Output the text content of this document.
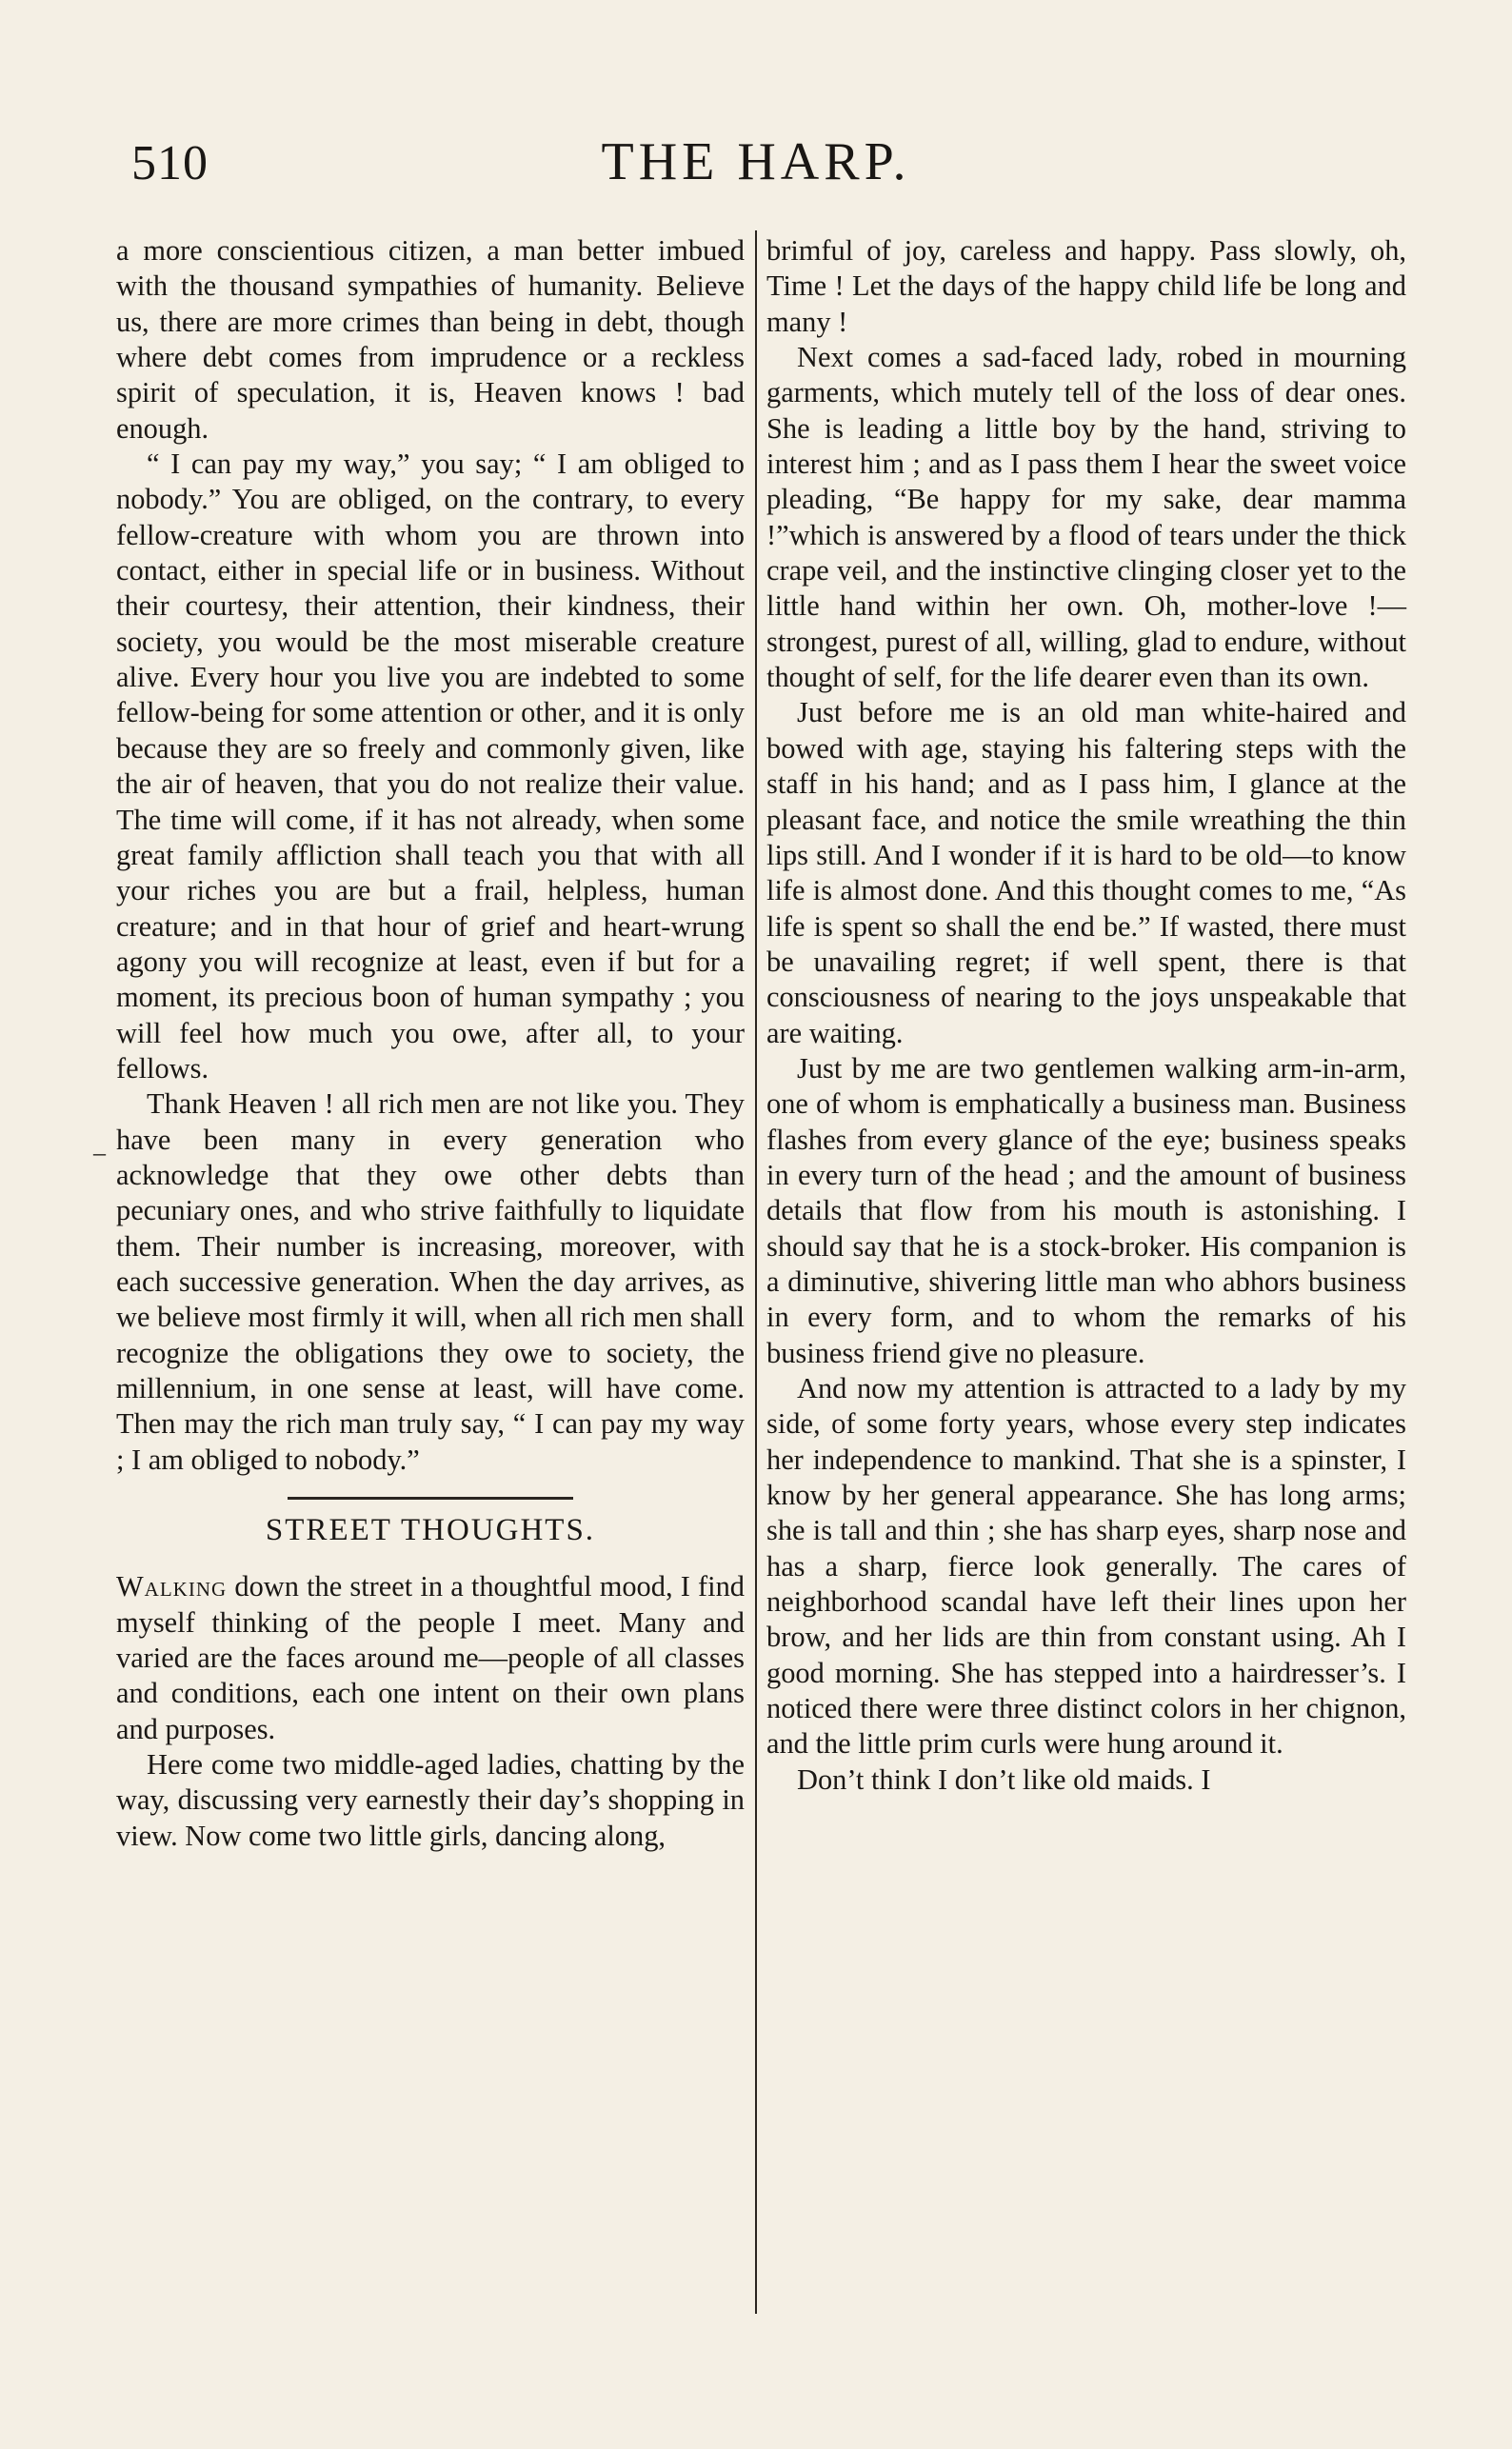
510	THE HARP.
–

a more conscientious citizen, a man better imbued with the thousand sympathies of humanity. Believe us, there are more crimes than being in debt, though where debt comes from imprudence or a reckless spirit of speculation, it is, Heaven knows ! bad enough.

“ I can pay my way,” you say; “ I am obliged to nobody.” You are obliged, on the contrary, to every fellow-creature with whom you are thrown into contact, either in special life or in business. Without their courtesy, their attention, their kindness, their society, you would be the most miserable creature alive. Every hour you live you are indebted to some fellow-being for some attention or other, and it is only because they are so freely and commonly given, like the air of heaven, that you do not realize their value. The time will come, if it has not already, when some great family affliction shall teach you that with all your riches you are but a frail, helpless, human creature; and in that hour of grief and heart-wrung agony you will recognize at least, even if but for a moment, its precious boon of human sympathy ; you will feel how much you owe, after all, to your fellows.

Thank Heaven ! all rich men are not like you. They have been many in every generation who acknowledge that they owe other debts than pecuniary ones, and who strive faithfully to liquidate them. Their number is increasing, moreover, with each successive generation. When the day arrives, as we believe most firmly it will, when all rich men shall recognize the obligations they owe to society, the millennium, in one sense at least, will have come. Then may the rich man truly say, “ I can pay my way ; I am obliged to nobody.”

STREET THOUGHTS.

Walking down the street in a thoughtful mood, I find myself thinking of the people I meet. Many and varied are the faces around me—people of all classes and conditions, each one intent on their own plans and purposes.

Here come two middle-aged ladies, chatting by the way, discussing very earnestly their day’s shopping in view. Now come two little girls, dancing along,

brimful of joy, careless and happy. Pass slowly, oh, Time ! Let the days of the happy child life be long and many !

Next comes a sad-faced lady, robed in mourning garments, which mutely tell of the loss of dear ones. She is leading a little boy by the hand, striving to interest him ; and as I pass them I hear the sweet voice pleading, “Be happy for my sake, dear mamma !”which is answered by a flood of tears under the thick crape veil, and the instinctive clinging closer yet to the little hand within her own. Oh, mother-love !—strongest, purest of all, willing, glad to endure, without thought of self, for the life dearer even than its own.

Just before me is an old man white-haired and bowed with age, staying his faltering steps with the staff in his hand; and as I pass him, I glance at the pleasant face, and notice the smile wreathing the thin lips still. And I wonder if it is hard to be old—to know life is almost done. And this thought comes to me, “As life is spent so shall the end be.” If wasted, there must be unavailing regret; if well spent, there is that consciousness of nearing to the joys unspeakable that are waiting.

Just by me are two gentlemen walking arm-in-arm, one of whom is emphatically a business man. Business flashes from every glance of the eye; business speaks in every turn of the head ; and the amount of business details that flow from his mouth is astonishing. I should say that he is a stock-broker. His companion is a diminutive, shivering little man who abhors business in every form, and to whom the remarks of his business friend give no pleasure.

And now my attention is attracted to a lady by my side, of some forty years, whose every step indicates her independence to mankind. That she is a spinster, I know by her general appearance. She has long arms; she is tall and thin ; she has sharp eyes, sharp nose and has a sharp, fierce look generally. The cares of neighborhood scandal have left their lines upon her brow, and her lids are thin from constant using. Ah I good morning. She has stepped into a hairdresser’s. I noticed there were three distinct colors in her chignon, and the little prim curls were hung around it.

Don’t think I don’t like old maids. I
